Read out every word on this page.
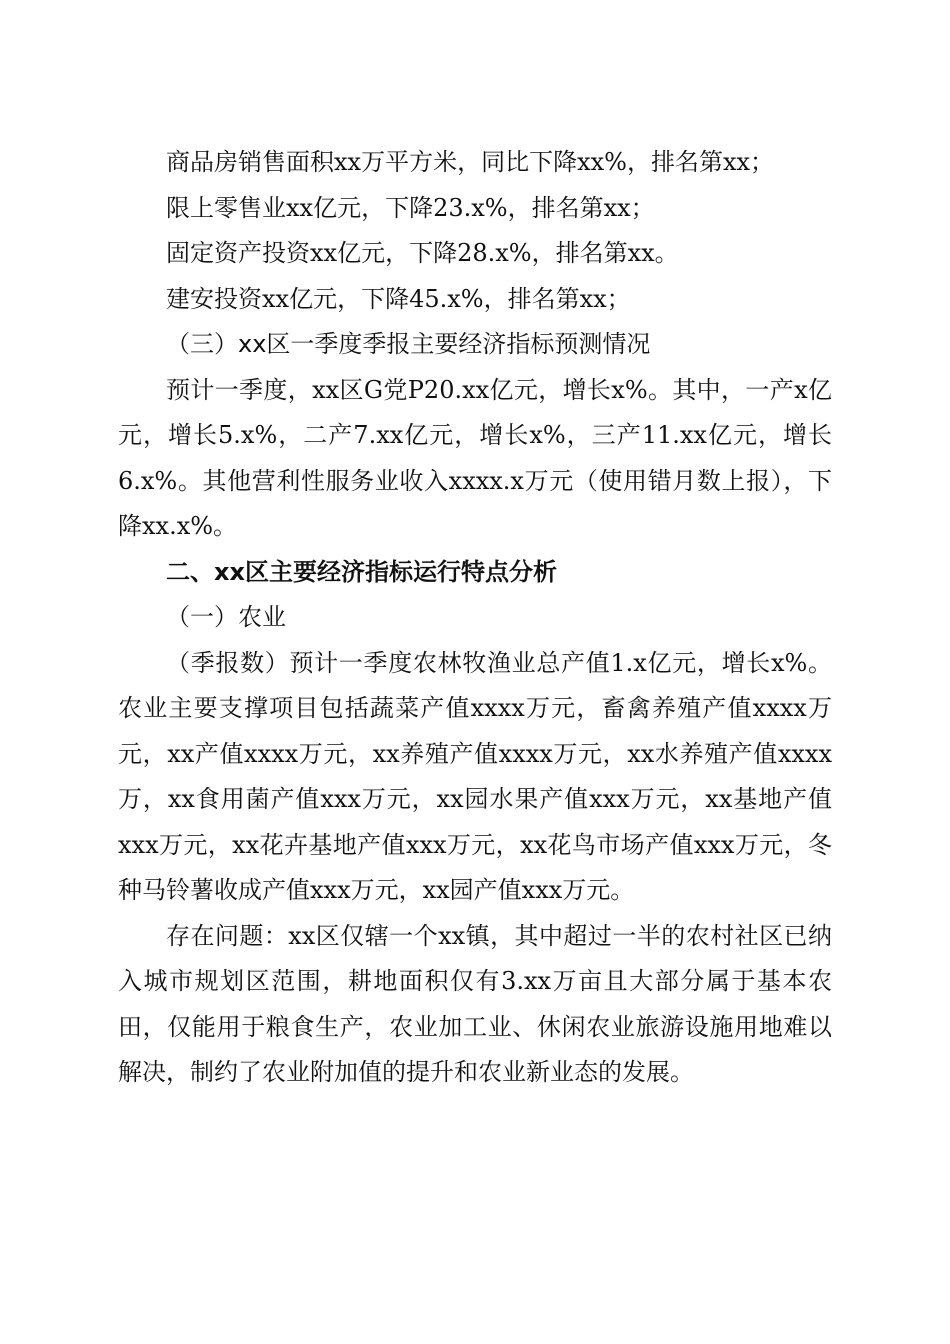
商品房销售面积xx万平方米，同比下降xx%，排名第xx；

限上零售业xx亿元，下降23.x%，排名第xx；

固定资产投资xx亿元，下降28.x%，排名第xx。

建安投资xx亿元，下降45.x%，排名第xx；

（三）xx区一季度季报主要经济指标预测情况

预计一季度，xx区G党P20.xx亿元，增长x%。其中，一产x亿元，增长5.x%，二产7.xx亿元，增长x%，三产11.xx亿元，增长6.x%。其他营利性服务业收入xxxx.x万元（使用错月数上报），下降xx.x%。

二、xx区主要经济指标运行特点分析

（一）农业

（季报数）预计一季度农林牧渔业总产值1.x亿元，增长x%。农业主要支撑项目包括蔬菜产值xxxx万元，畜禽养殖产值xxxx万元，xx产值xxxx万元，xx养殖产值xxxx万元，xx水养殖产值xxxx万，xx食用菌产值xxx万元，xx园水果产值xxx万元，xx基地产值xxx万元，xx花卉基地产值xxx万元，xx花鸟市场产值xxx万元，冬种马铃薯收成产值xxx万元，xx园产值xxx万元。

存在问题：xx区仅辖一个xx镇，其中超过一半的农村社区已纳入城市规划区范围，耕地面积仅有3.xx万亩且大部分属于基本农田，仅能用于粮食生产，农业加工业、休闲农业旅游设施用地难以解决，制约了农业附加值的提升和农业新业态的发展。
